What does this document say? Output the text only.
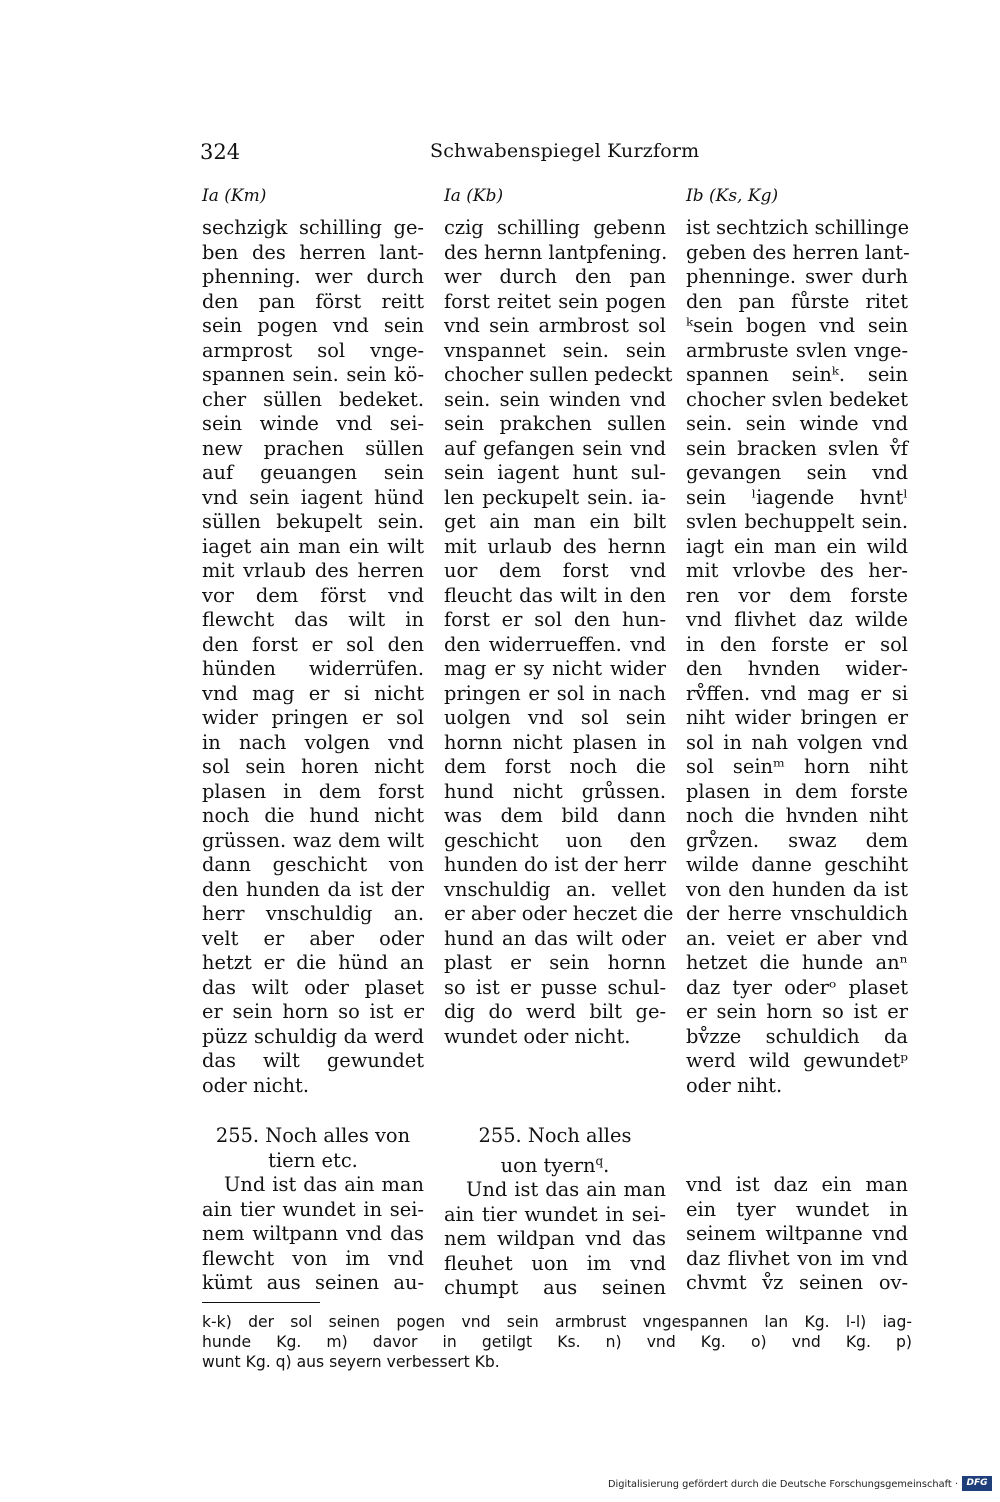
324	Schwabenspiegel Kurzform
Ia (Km)	Ia (Kb)	Ib (Ks, Kg)
sechzigk schilling ge-
ben des herren lant-
phenning. wer durch
den pan först reitt
sein pogen vnd sein
armprost sol vnge-
spannen sein. sein kö-
cher süllen bedeket.
sein winde vnd sei-
new prachen süllen
auf geuangen sein
vnd sein iagent hünd
süllen bekupelt sein.
iaget ain man ein wilt
mit vrlaub des herren
vor dem först vnd
flewcht das wilt in
den forst er sol den
hünden widerrüfen.
vnd mag er si nicht
wider pringen er sol
in nach volgen vnd
sol sein horen nicht
plasen in dem forst
noch die hund nicht
grüssen. waz dem wilt
dann geschicht von
den hunden da ist der
herr vnschuldig an.
velt er aber oder
hetzt er die hünd an
das wilt oder plaset
er sein horn so ist er
püzz schuldig da werd
das wilt gewundet
oder nicht.
czig schilling gebenn
des hernn lantpfening.
wer durch den pan
forst reitet sein pogen
vnd sein armbrost sol
vnspannet sein. sein
chocher sullen pedeckt
sein. sein winden vnd
sein prakchen sullen
auf gefangen sein vnd
sein iagent hunt sul-
len peckupelt sein. ia-
get ain man ein bilt
mit urlaub des hernn
uor dem forst vnd
fleucht das wilt in den
forst er sol den hun-
den widerrueffen. vnd
mag er sy nicht wider
pringen er sol in nach
uolgen vnd sol sein
hornn nicht plasen in
dem forst noch die
hund nicht grůssen.
was dem bild dann
geschicht uon den
hunden do ist der herr
vnschuldig an. vellet
er aber oder heczet die
hund an das wilt oder
plast er sein hornn
so ist er pusse schul-
dig do werd bilt ge-
wundet oder nicht.
ist sechtzich schillinge
geben des herren lant-
phenninge. swer durh
den pan fůrste ritet
ᵏsein bogen vnd sein
armbruste svlen vnge-
spannen seinᵏ. sein
chocher svlen bedeket
sein. sein winde vnd
sein bracken svlen v̊f
gevangen sein vnd
sein ˡiagende hvntˡ
svlen bechuppelt sein.
iagt ein man ein wild
mit vrlovbe des her-
ren vor dem forste
vnd flivhet daz wilde
in den forste er sol
den hvnden wider-
rv̊ffen. vnd mag er si
niht wider bringen er
sol in nah volgen vnd
sol seinᵐ horn niht
plasen in dem forste
noch die hvnden niht
grv̊zen. swaz dem
wilde danne geschiht
von den hunden da ist
der herre vnschuldich
an. veiet er aber vnd
hetzet die hunde anⁿ
daz tyer oderᵒ plaset
er sein horn so ist er
bv̊zze schuldich da
werd wild gewundetᵖ
oder niht.
255. Noch alles von
tiern etc.
Und ist das ain man
ain tier wundet in sei-
nem wiltpann vnd das
flewcht von im vnd
kümt aus seinen au-
255. Noch alles
uon tyern$^q$.
Und ist das ain man
ain tier wundet in sei-
nem wildpan vnd das
fleuhet uon im vnd
chumpt aus seinen
vnd ist daz ein man
ein tyer wundet in
seinem wiltpanne vnd
daz flivhet von im vnd
chvmt v̊z seinen ov-
k-k) der sol seinen pogen vnd sein armbrust vngespannen lan Kg. l-l) iag-
hunde Kg. m) davor in getilgt Ks. n) vnd Kg. o) vnd Kg. p)
wunt Kg. q) aus seyern verbessert Kb.
Digitalisierung gefördert durch die Deutsche Forschungsgemeinschaft · DFG
